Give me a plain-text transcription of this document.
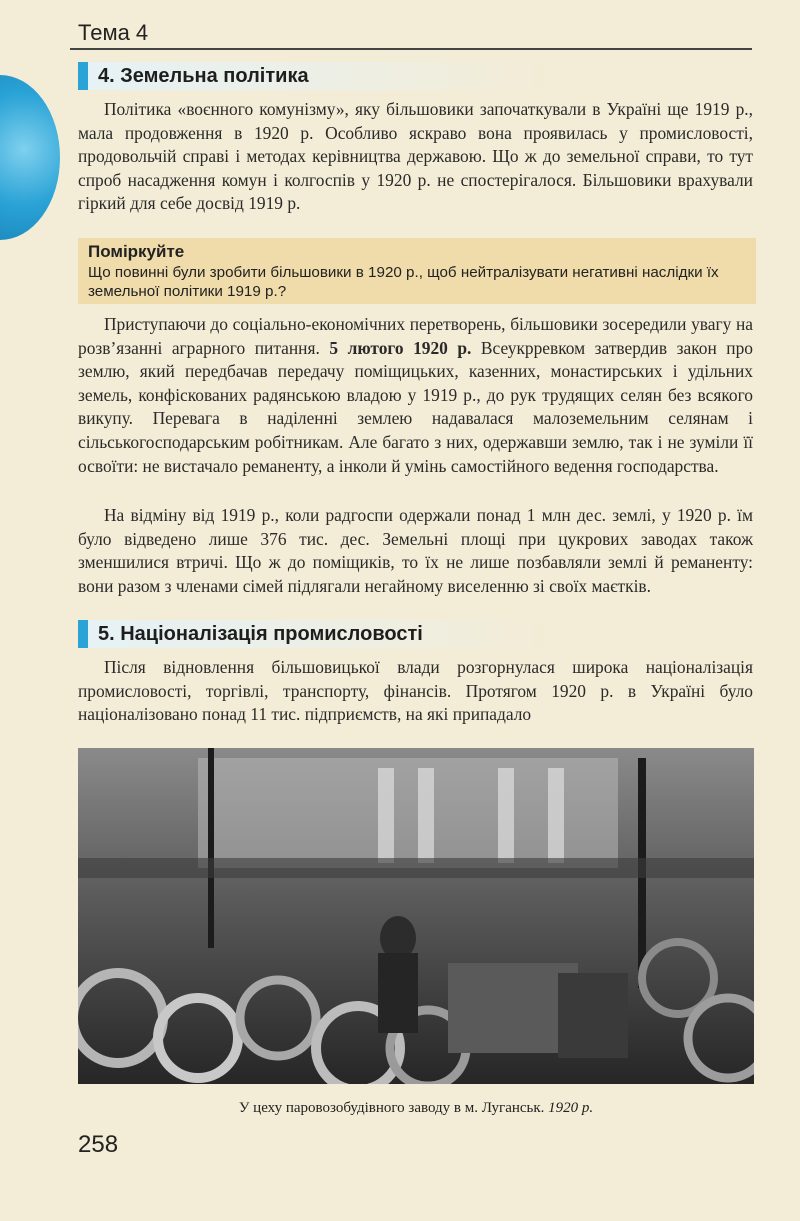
Тема 4
4. Земельна політика

Політика «воєнного комунізму», яку більшовики започаткували в Україні ще 1919 р., мала продовження в 1920 р. Особливо яскраво вона проявилась у промисловості, продовольчій справі і методах керівництва державою. Що ж до земельної справи, то тут спроб насадження комун і колгоспів у 1920 р. не спостерігалося. Більшовики врахували гіркий для себе досвід 1919 р.

Поміркуйте
Що повинні були зробити більшовики в 1920 р., щоб нейтралізувати негативні наслідки їх земельної політики 1919 р.?

Приступаючи до соціально-економічних перетворень, більшовики зосередили увагу на розв’язанні аграрного питання. 5 лютого 1920 р. Всеукрревком затвердив закон про землю, який передбачав передачу поміщицьких, казенних, монастирських і удільних земель, конфіскованих радянською владою у 1919 р., до рук трудящих селян без всякого викупу. Перевага в наділенні землею надавалася малоземельним селянам і сільськогосподарським робітникам. Але багато з них, одержавши землю, так і не зуміли її освоїти: не вистачало реманенту, а інколи й умінь самостійного ведення господарства.

На відміну від 1919 р., коли радгоспи одержали понад 1 млн дес. землі, у 1920 р. їм було відведено лише 376 тис. дес. Земельні площі при цукрових заводах також зменшилися втричі. Що ж до поміщиків, то їх не лише позбавляли землі й реманенту: вони разом з членами сімей підлягали негайному виселенню зі своїх маєтків.

5. Націоналізація промисловості

Після відновлення більшовицької влади розгорнулася широка націоналізація промисловості, торгівлі, транспорту, фінансів. Протягом 1920 р. в Україні було націоналізовано понад 11 тис. підприємств, на які припадало

У цеху паровозобудівного заводу в м. Луганськ. 1920 р.
258
